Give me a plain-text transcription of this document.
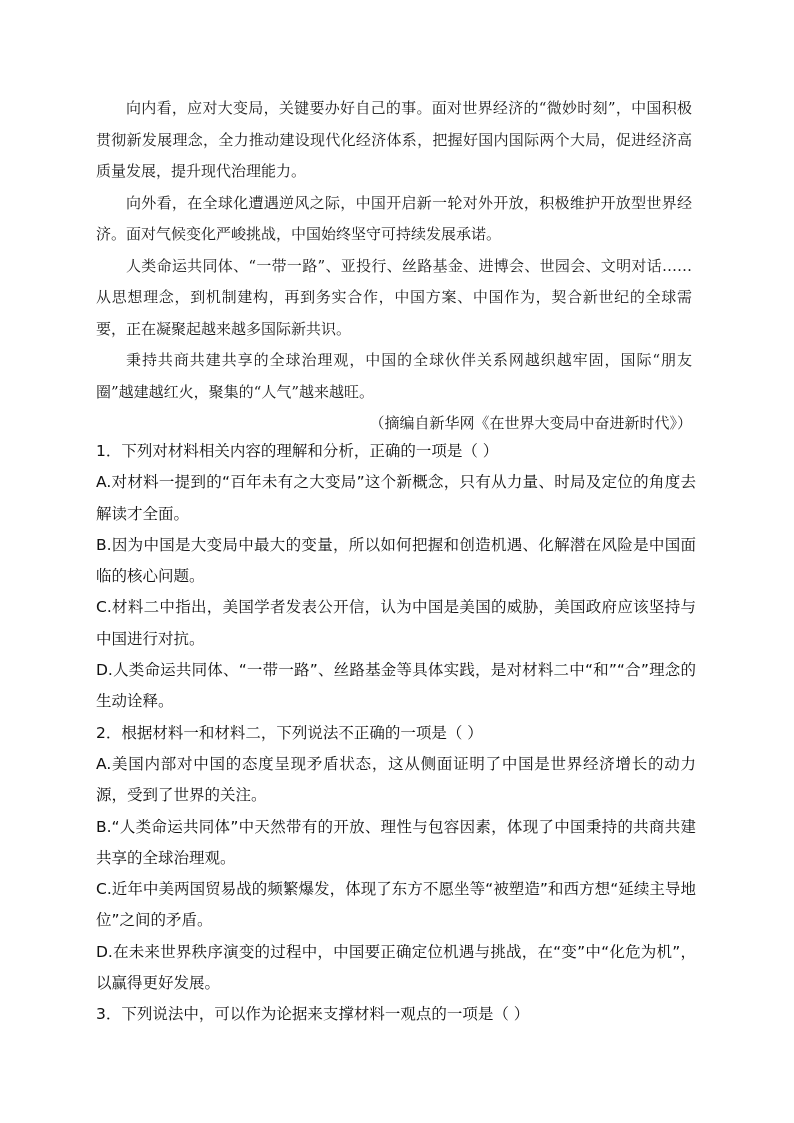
向内看，应对大变局，关键要办好自己的事。面对世界经济的“微妙时刻”，中国积极贯彻新发展理念，全力推动建设现代化经济体系，把握好国内国际两个大局，促进经济高质量发展，提升现代治理能力。

向外看，在全球化遭遇逆风之际，中国开启新一轮对外开放，积极维护开放型世界经济。面对气候变化严峻挑战，中国始终坚守可持续发展承诺。

人类命运共同体、“一带一路”、亚投行、丝路基金、进博会、世园会、文明对话……从思想理念，到机制建构，再到务实合作，中国方案、中国作为，契合新世纪的全球需要，正在凝聚起越来越多国际新共识。

秉持共商共建共享的全球治理观，中国的全球伙伴关系网越织越牢固，国际“朋友圈”越建越红火，聚集的“人气”越来越旺。

（摘编自新华网《在世界大变局中奋进新时代》）

1．下列对材料相关内容的理解和分析，正确的一项是（ ）

A.对材料一提到的“百年未有之大变局”这个新概念，只有从力量、时局及定位的角度去解读才全面。

B.因为中国是大变局中最大的变量，所以如何把握和创造机遇、化解潜在风险是中国面临的核心问题。

C.材料二中指出，美国学者发表公开信，认为中国是美国的威胁，美国政府应该坚持与中国进行对抗。

D.人类命运共同体、“一带一路”、丝路基金等具体实践，是对材料二中“和”“合”理念的生动诠释。

2．根据材料一和材料二，下列说法不正确的一项是（ ）

A.美国内部对中国的态度呈现矛盾状态，这从侧面证明了中国是世界经济增长的动力源，受到了世界的关注。

B.“人类命运共同体”中天然带有的开放、理性与包容因素，体现了中国秉持的共商共建共享的全球治理观。

C.近年中美两国贸易战的频繁爆发，体现了东方不愿坐等“被塑造”和西方想“延续主导地位”之间的矛盾。

D.在未来世界秩序演变的过程中，中国要正确定位机遇与挑战，在“变”中“化危为机”，以赢得更好发展。

3．下列说法中，可以作为论据来支撑材料一观点的一项是（ ）
